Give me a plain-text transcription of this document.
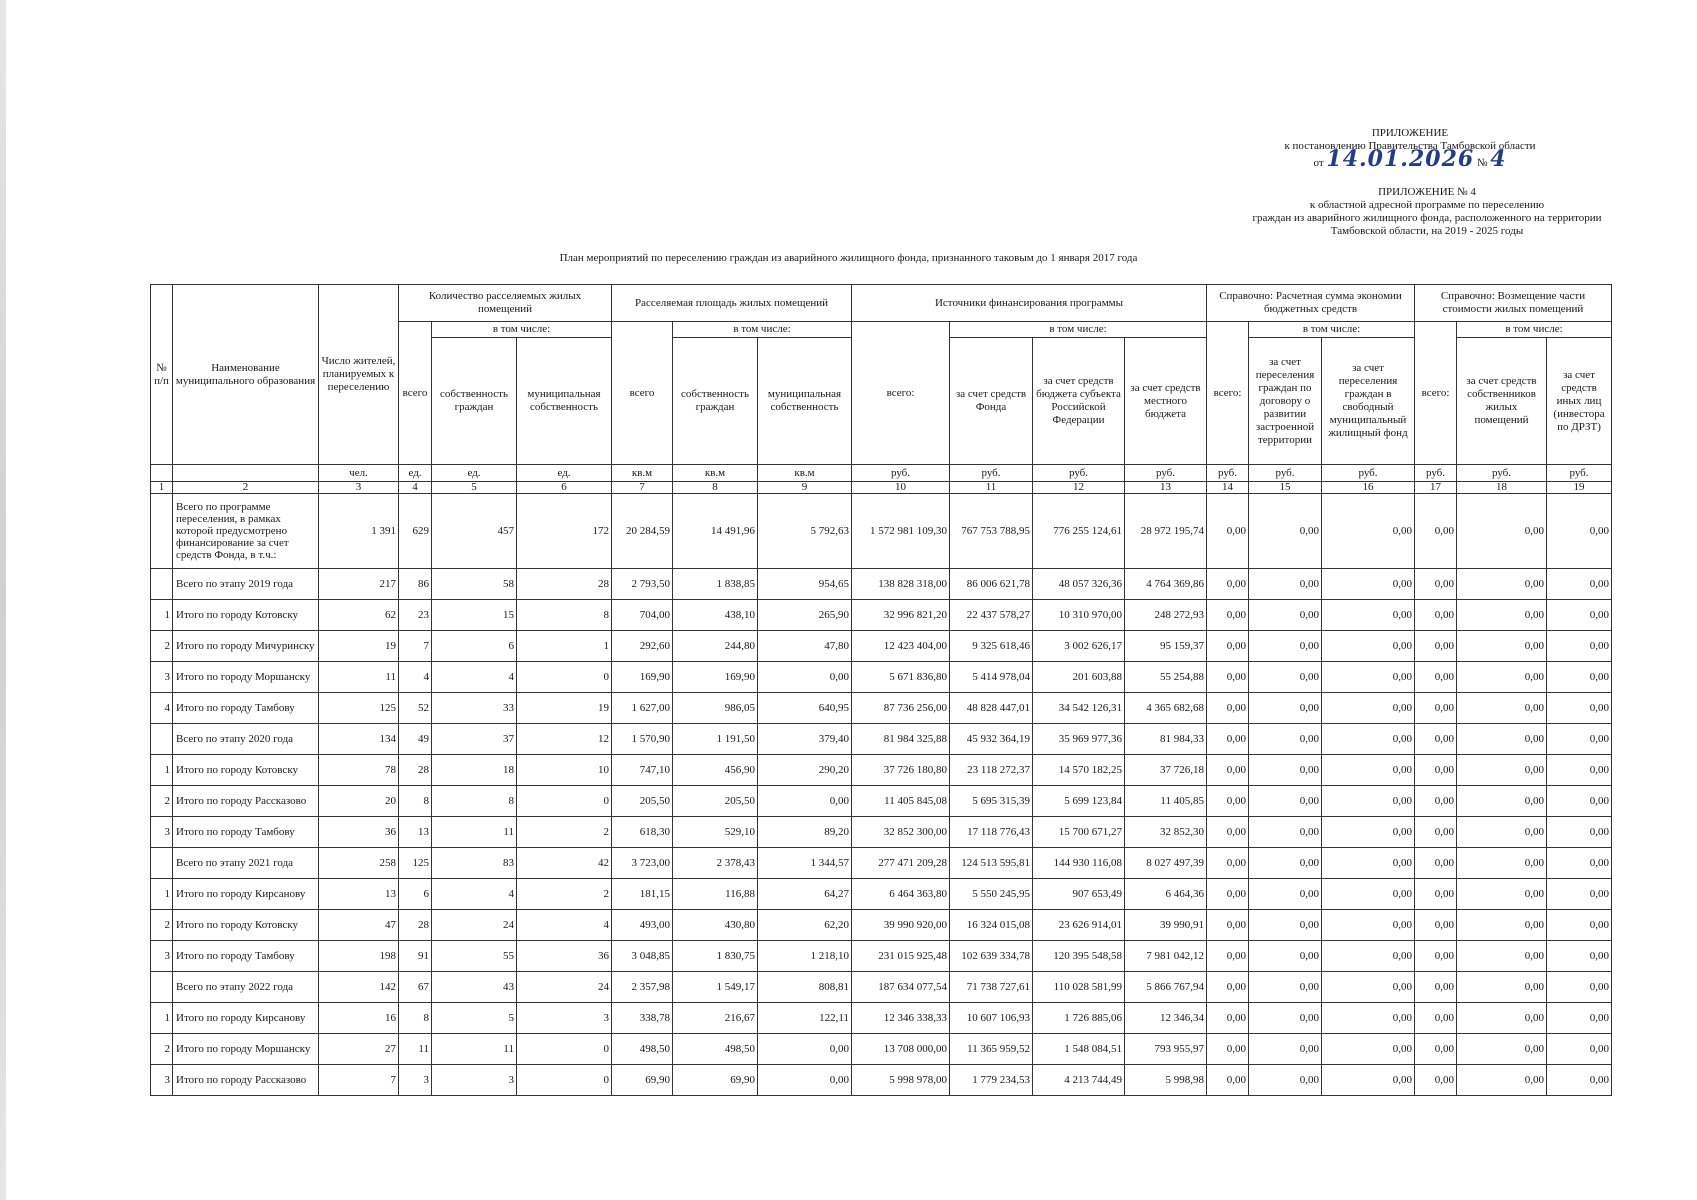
ПРИЛОЖЕНИЕ
к постановлению Правительства Тамбовской области
от 14.01.2026 № 4
ПРИЛОЖЕНИЕ № 4
к областной адресной программе по переселению
граждан из аварийного жилищного фонда, расположенного на территории
Тамбовской области, на 2019 - 2025 годы
План мероприятий по переселению граждан из аварийного жилищного фонда, признанного таковым до 1 января 2017 года
№ п/п	Наименование муниципального образования	Число жителей, планируемых к переселению	Количество расселяемых жилых помещений			Расселяемая площадь жилых помещений			Источники финансирования программы				Справочно: Расчетная сумма экономии бюджетных средств			Справочно: Возмещение части стоимости жилых помещений		
			всего	в том числе:		всего	в том числе:		всего:	в том числе:			всего:	в том числе:		всего:	в том числе:	
				собственность граждан	муниципальная собственность		собственность граждан	муниципальная собственность		за счет средств Фонда	за счет средств бюджета субъекта Российской Федерации	за счет средств местного бюджета		за счет переселения граждан по договору о развитии застроенной территории	за счет переселения граждан в свободный муниципальный жилищный фонд		за счет средств собственников жилых помещений	за счет средств иных лиц (инвестора по ДРЗТ)
		чел.	ед.	ед.	ед.	кв.м	кв.м	кв.м	руб.	руб.	руб.	руб.	руб.	руб.	руб.	руб.	руб.	руб.
1	2	3	4	5	6	7	8	9	10	11	12	13	14	15	16	17	18	19
	Всего по программе переселения, в рамках которой предусмотрено финансирование за счет средств Фонда, в т.ч.:	1 391	629	457	172	20 284,59	14 491,96	5 792,63	1 572 981 109,30	767 753 788,95	776 255 124,61	28 972 195,74	0,00	0,00	0,00	0,00	0,00	0,00
	Всего по этапу 2019 года	217	86	58	28	2 793,50	1 838,85	954,65	138 828 318,00	86 006 621,78	48 057 326,36	4 764 369,86	0,00	0,00	0,00	0,00	0,00	0,00
1	Итого по городу Котовску	62	23	15	8	704,00	438,10	265,90	32 996 821,20	22 437 578,27	10 310 970,00	248 272,93	0,00	0,00	0,00	0,00	0,00	0,00
2	Итого по городу Мичуринску	19	7	6	1	292,60	244,80	47,80	12 423 404,00	9 325 618,46	3 002 626,17	95 159,37	0,00	0,00	0,00	0,00	0,00	0,00
3	Итого по городу Моршанску	11	4	4	0	169,90	169,90	0,00	5 671 836,80	5 414 978,04	201 603,88	55 254,88	0,00	0,00	0,00	0,00	0,00	0,00
4	Итого по городу Тамбову	125	52	33	19	1 627,00	986,05	640,95	87 736 256,00	48 828 447,01	34 542 126,31	4 365 682,68	0,00	0,00	0,00	0,00	0,00	0,00
	Всего по этапу 2020 года	134	49	37	12	1 570,90	1 191,50	379,40	81 984 325,88	45 932 364,19	35 969 977,36	81 984,33	0,00	0,00	0,00	0,00	0,00	0,00
1	Итого по городу Котовску	78	28	18	10	747,10	456,90	290,20	37 726 180,80	23 118 272,37	14 570 182,25	37 726,18	0,00	0,00	0,00	0,00	0,00	0,00
2	Итого по городу Рассказово	20	8	8	0	205,50	205,50	0,00	11 405 845,08	5 695 315,39	5 699 123,84	11 405,85	0,00	0,00	0,00	0,00	0,00	0,00
3	Итого по городу Тамбову	36	13	11	2	618,30	529,10	89,20	32 852 300,00	17 118 776,43	15 700 671,27	32 852,30	0,00	0,00	0,00	0,00	0,00	0,00
	Всего по этапу 2021 года	258	125	83	42	3 723,00	2 378,43	1 344,57	277 471 209,28	124 513 595,81	144 930 116,08	8 027 497,39	0,00	0,00	0,00	0,00	0,00	0,00
1	Итого по городу Кирсанову	13	6	4	2	181,15	116,88	64,27	6 464 363,80	5 550 245,95	907 653,49	6 464,36	0,00	0,00	0,00	0,00	0,00	0,00
2	Итого по городу Котовску	47	28	24	4	493,00	430,80	62,20	39 990 920,00	16 324 015,08	23 626 914,01	39 990,91	0,00	0,00	0,00	0,00	0,00	0,00
3	Итого по городу Тамбову	198	91	55	36	3 048,85	1 830,75	1 218,10	231 015 925,48	102 639 334,78	120 395 548,58	7 981 042,12	0,00	0,00	0,00	0,00	0,00	0,00
	Всего по этапу 2022 года	142	67	43	24	2 357,98	1 549,17	808,81	187 634 077,54	71 738 727,61	110 028 581,99	5 866 767,94	0,00	0,00	0,00	0,00	0,00	0,00
1	Итого по городу Кирсанову	16	8	5	3	338,78	216,67	122,11	12 346 338,33	10 607 106,93	1 726 885,06	12 346,34	0,00	0,00	0,00	0,00	0,00	0,00
2	Итого по городу Моршанску	27	11	11	0	498,50	498,50	0,00	13 708 000,00	11 365 959,52	1 548 084,51	793 955,97	0,00	0,00	0,00	0,00	0,00	0,00
3	Итого по городу Рассказово	7	3	3	0	69,90	69,90	0,00	5 998 978,00	1 779 234,53	4 213 744,49	5 998,98	0,00	0,00	0,00	0,00	0,00	0,00
